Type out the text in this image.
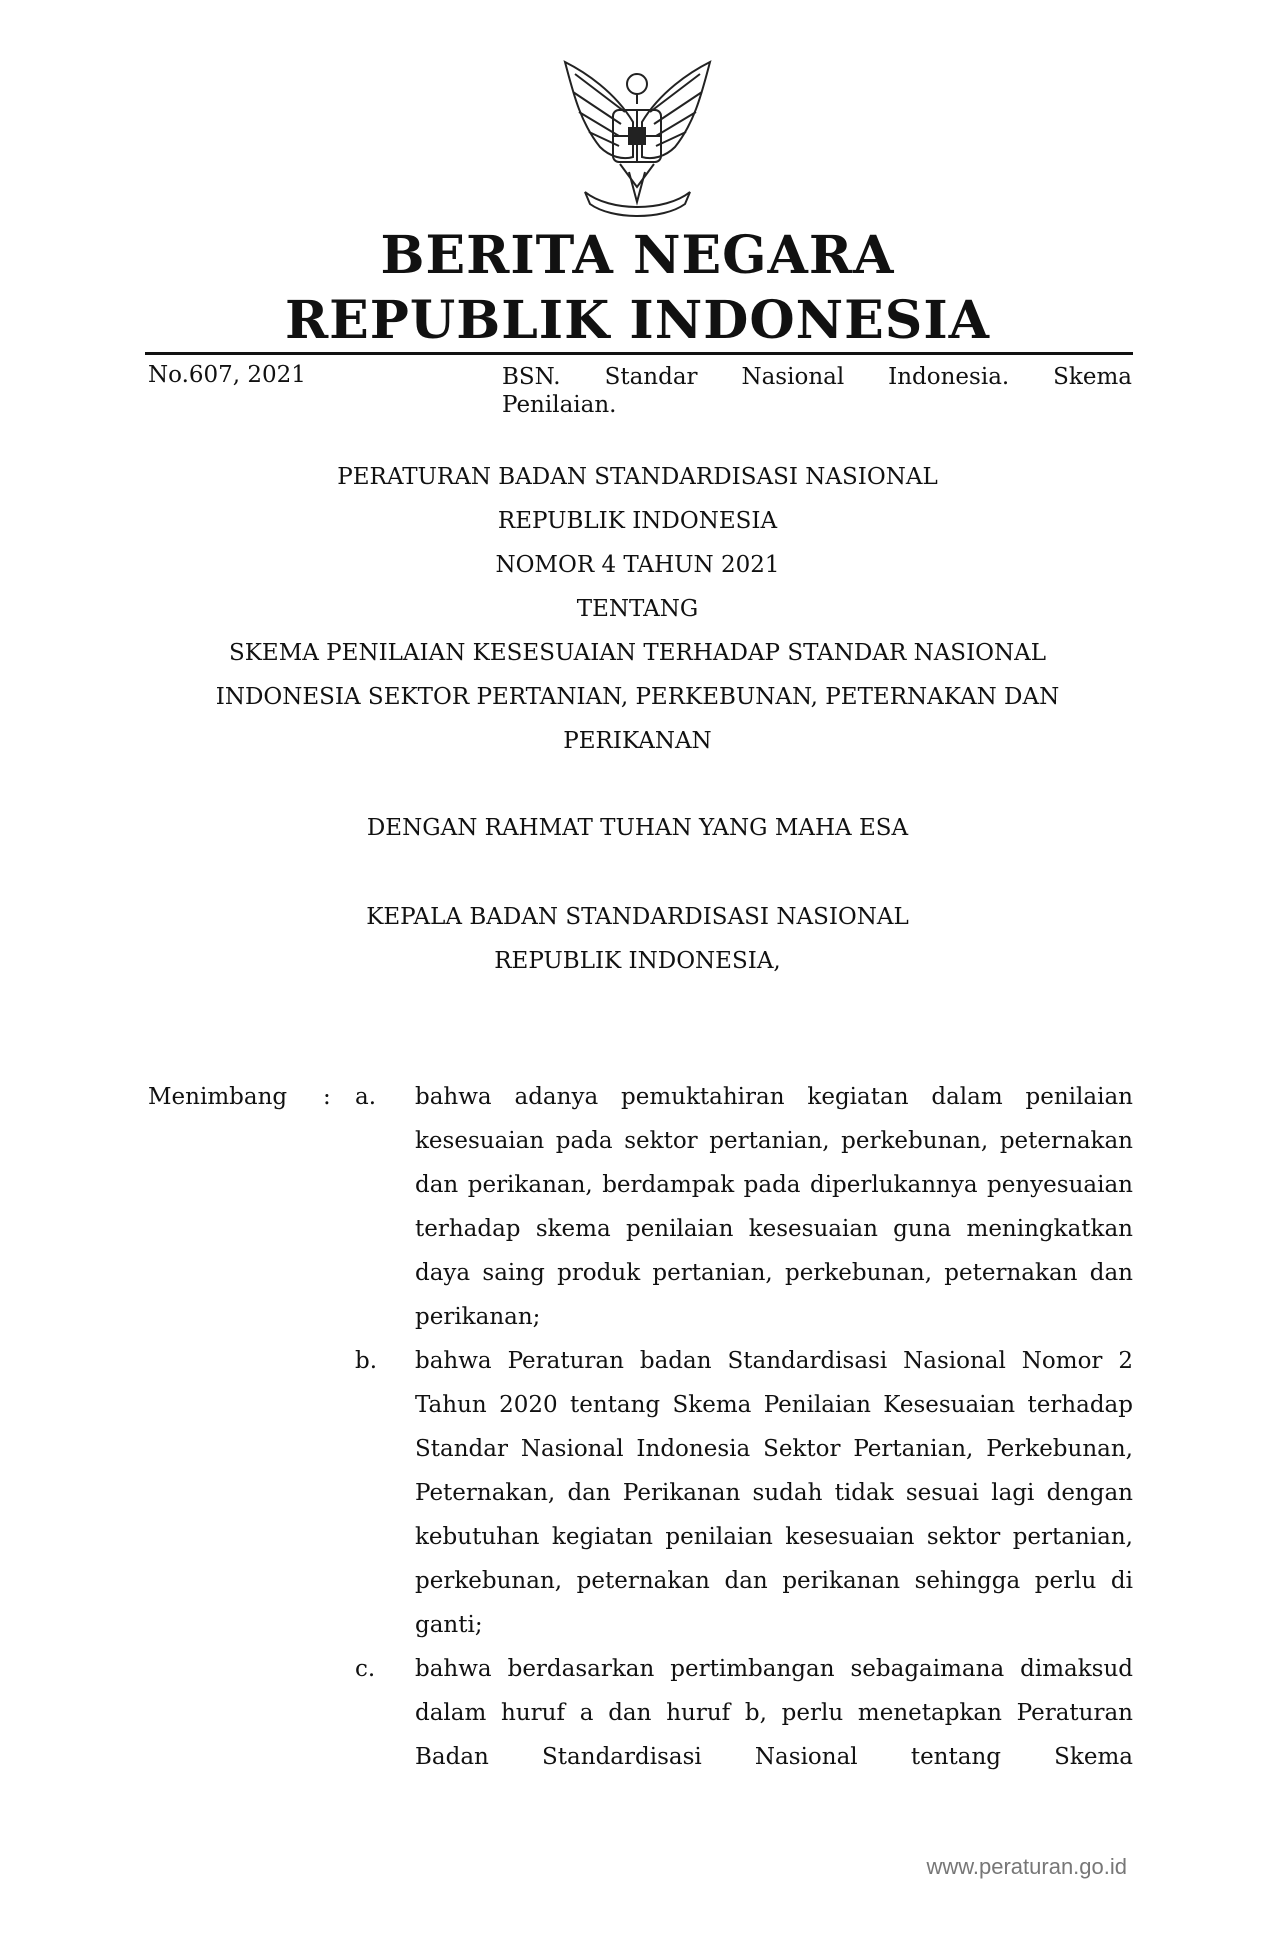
BERITA NEGARA
REPUBLIK INDONESIA
No.607, 2021	BSN. Standar Nasional Indonesia. Skema
Penilaian.
PERATURAN BADAN STANDARDISASI NASIONAL
REPUBLIK INDONESIA
NOMOR 4 TAHUN 2021
TENTANG
SKEMA PENILAIAN KESESUAIAN TERHADAP STANDAR NASIONAL
INDONESIA SEKTOR PERTANIAN, PERKEBUNAN, PETERNAKAN DAN
PERIKANAN
DENGAN RAHMAT TUHAN YANG MAHA ESA
KEPALA BADAN STANDARDISASI NASIONAL
REPUBLIK INDONESIA,
Menimbang : a. bahwa adanya pemuktahiran kegiatan dalam penilaian kesesuaian pada sektor pertanian, perkebunan, peternakan dan perikanan, berdampak pada diperlukannya penyesuaian terhadap skema penilaian kesesuaian guna meningkatkan daya saing produk pertanian, perkebunan, peternakan dan perikanan;
b. bahwa Peraturan badan Standardisasi Nasional Nomor 2 Tahun 2020 tentang Skema Penilaian Kesesuaian terhadap Standar Nasional Indonesia Sektor Pertanian, Perkebunan, Peternakan, dan Perikanan sudah tidak sesuai lagi dengan kebutuhan kegiatan penilaian kesesuaian sektor pertanian, perkebunan, peternakan dan perikanan sehingga perlu di ganti;
c. bahwa berdasarkan pertimbangan sebagaimana dimaksud dalam huruf a dan huruf b, perlu menetapkan Peraturan Badan Standardisasi Nasional tentang Skema
www.peraturan.go.id
